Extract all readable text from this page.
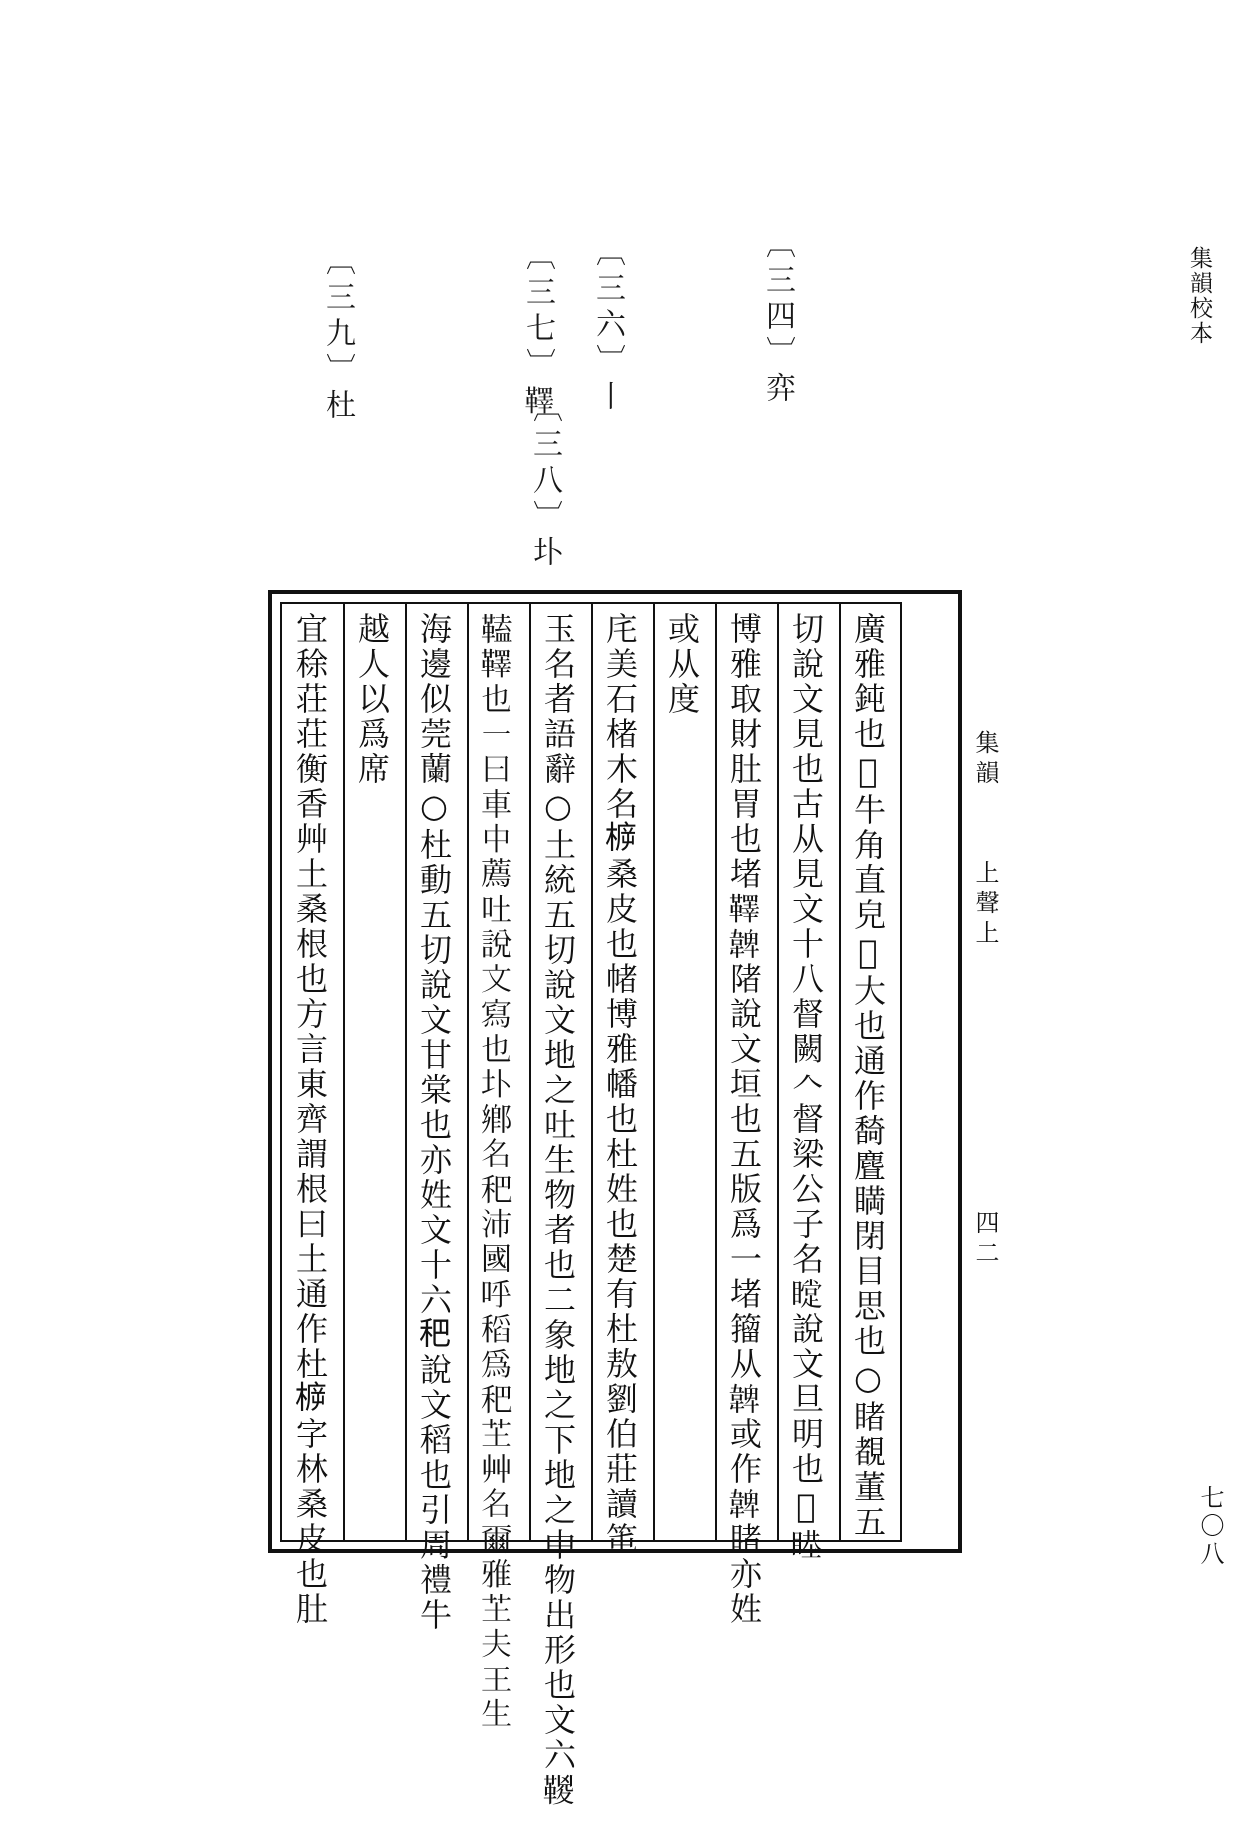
集韻校本
七〇八
〔三四〕弈
〔三六〕丨
〔三七〕𩍜
〔三八〕圤
〔三九〕杜
集韻
上聲上
四二
廣雅鈍也𤛓牛角直皃𥉗大也通作䭲麆𥈞閉目思也○睹覩董五
切說文見也古从見文十八督闕𠆢督梁公子名𥊰說文旦明也𥋳𥈻
博雅取財肚胃也堵𩍜𩏂陼說文垣也五版爲一堵籀从𩏂或作𩏂睹亦姓
或从度
㡯美石楮木名𣔳桑皮也帾博雅幡也杜姓也楚有杜敖劉伯莊讀𥫱
玉名者語辭○土統五切說文地之吐生物者也二象地之下地之中物出形也文六𩋯
𩌍𩍜也一曰車中薦吐說文寫也圤鄉名𥝧沛國呼稻爲𥝧芏艸名爾雅芏夫王生
海邊似莞蘭○杜動五切說文甘棠也亦姓文十六𥝧說文稻也引周禮牛
越人以爲席
宜稌荘荘衡香艸土桑根也方言東齊謂根曰土通作杜𣔳字林桑皮也肚
